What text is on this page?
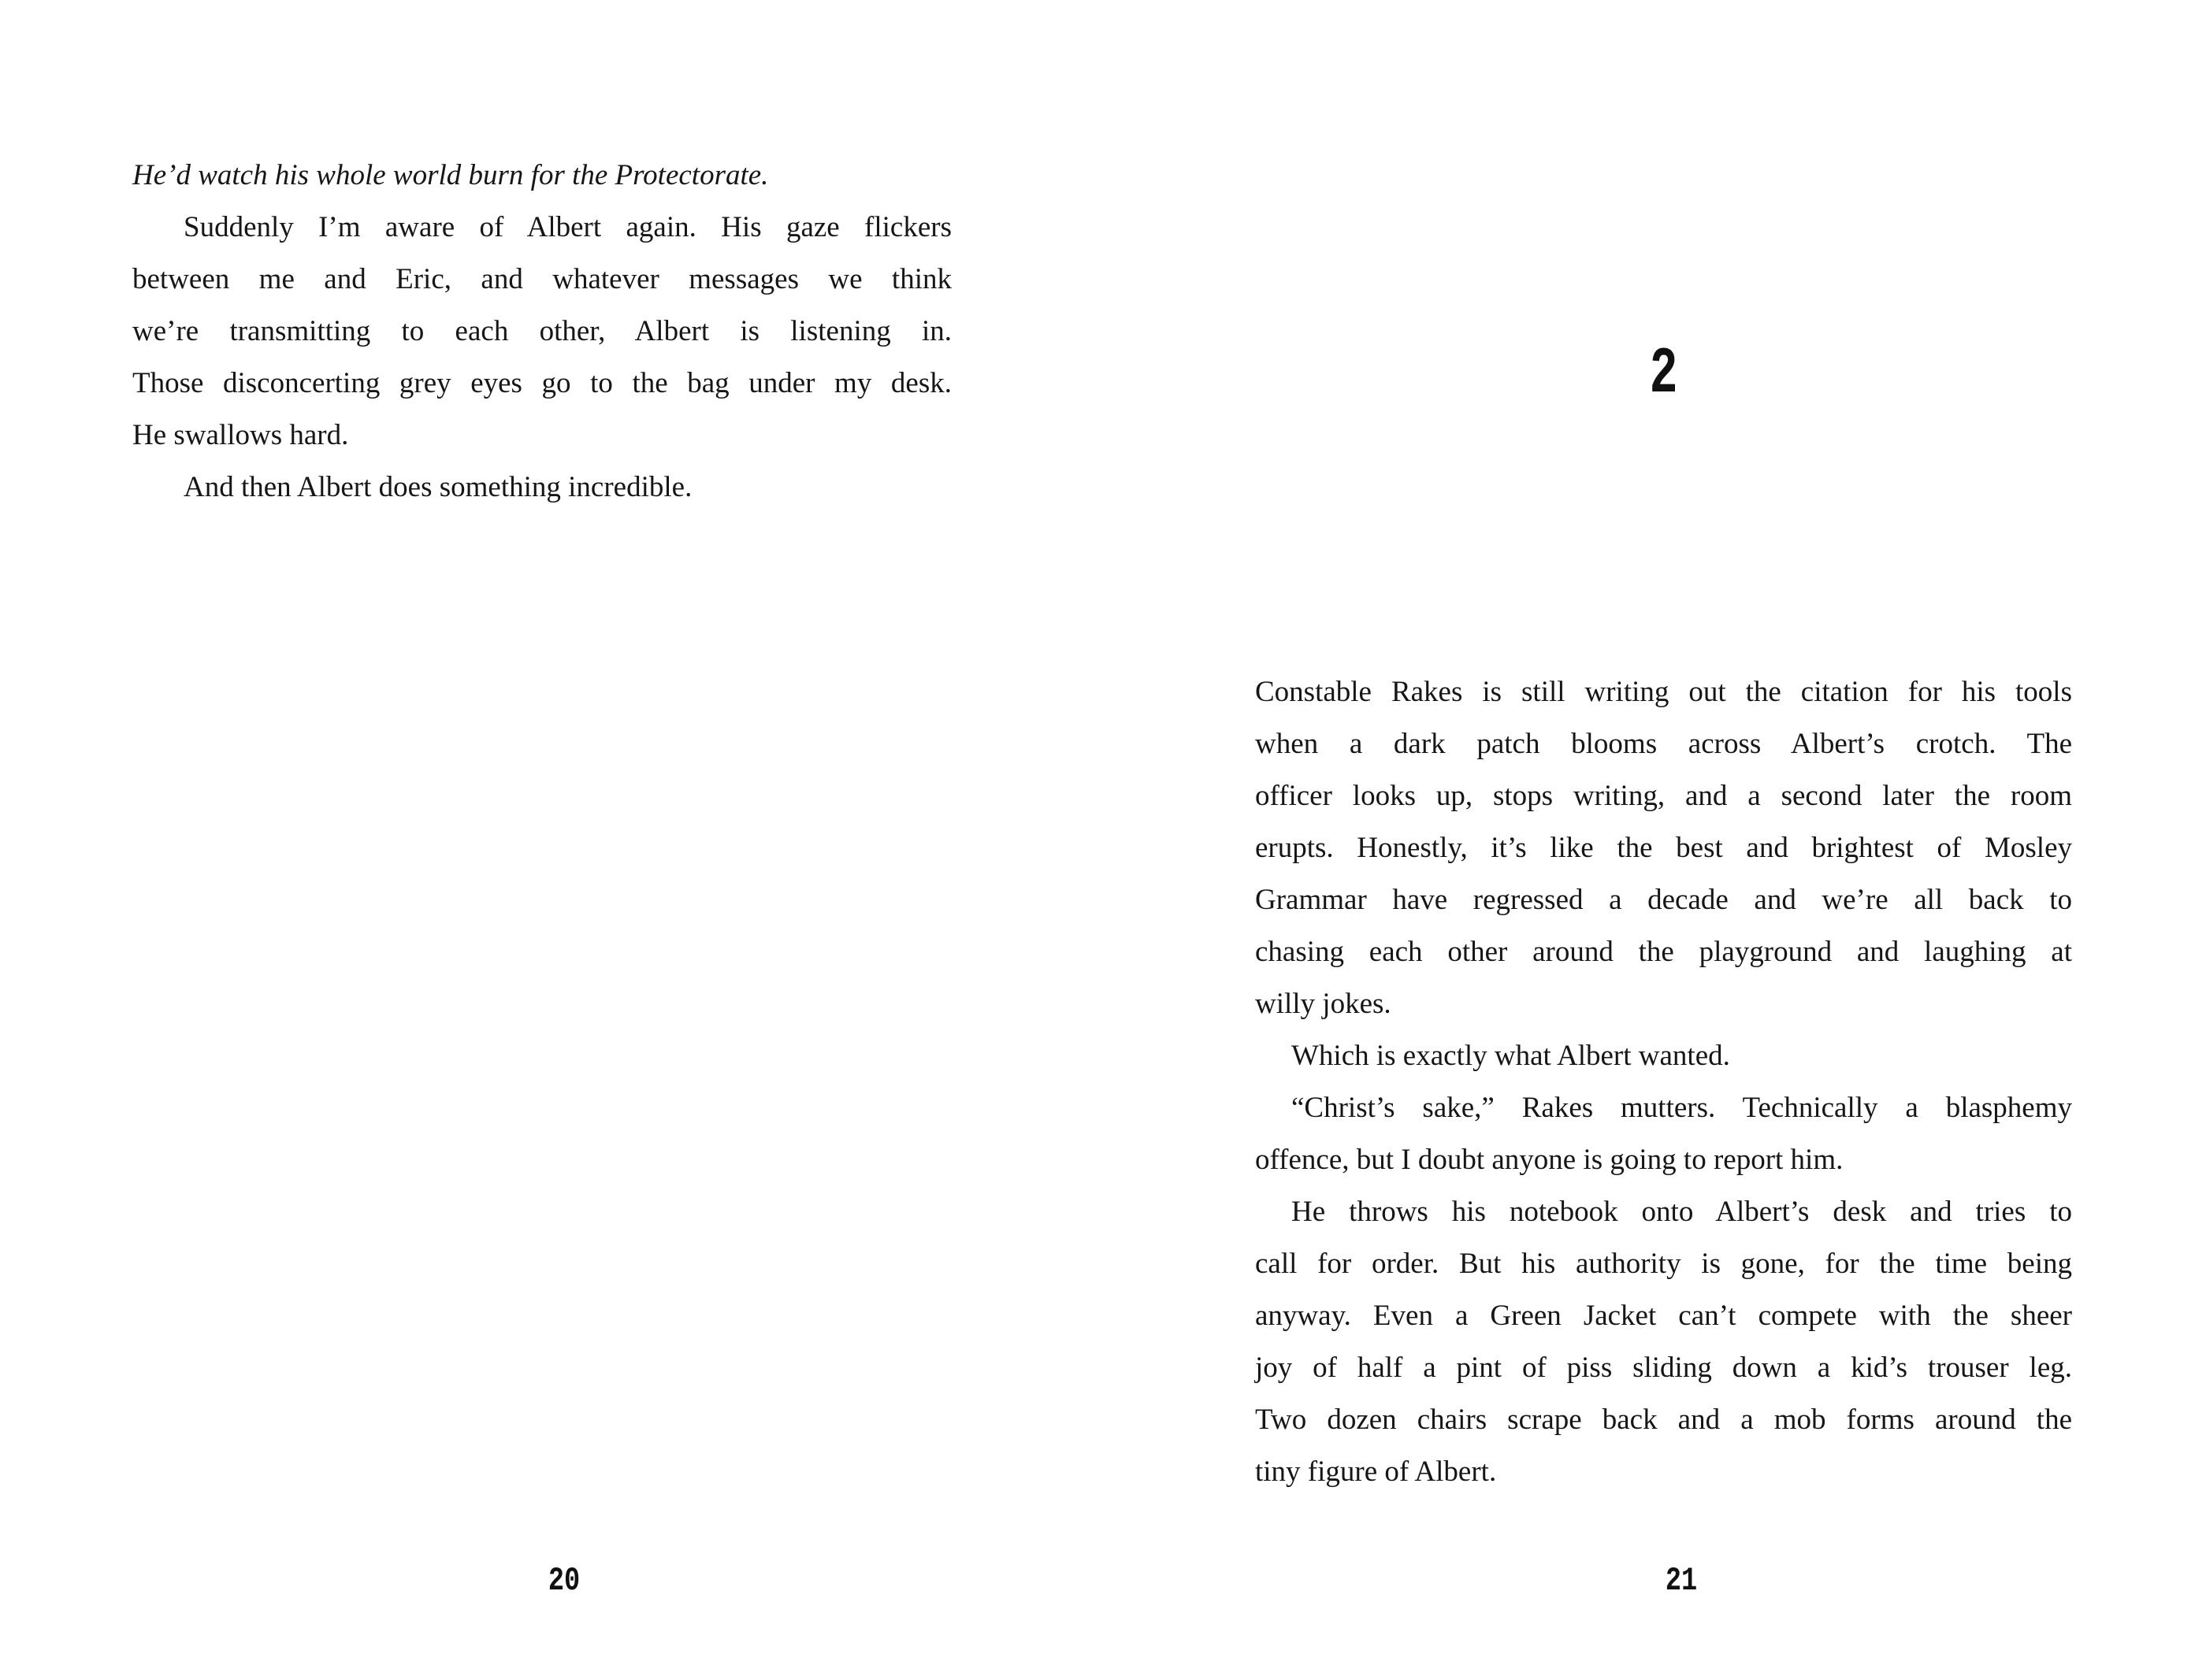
He’d watch his whole world burn for the Protectorate.
Suddenly I’m aware of Albert again. His gaze flickers
between me and Eric, and whatever messages we think
we’re transmitting to each other, Albert is listening in.
Those disconcerting grey eyes go to the bag under my desk.
He swallows hard.
And then Albert does something incredible.
20
2
Constable Rakes is still writing out the citation for his tools
when a dark patch blooms across Albert’s crotch. The
officer looks up, stops writing, and a second later the room
erupts. Honestly, it’s like the best and brightest of Mosley
Grammar have regressed a decade and we’re all back to
chasing each other around the playground and laughing at
willy jokes.
Which is exactly what Albert wanted.
“Christ’s sake,” Rakes mutters. Technically a blasphemy
offence, but I doubt anyone is going to report him.
He throws his notebook onto Albert’s desk and tries to
call for order. But his authority is gone, for the time being
anyway. Even a Green Jacket can’t compete with the sheer
joy of half a pint of piss sliding down a kid’s trouser leg.
Two dozen chairs scrape back and a mob forms around the
tiny figure of Albert.
21
